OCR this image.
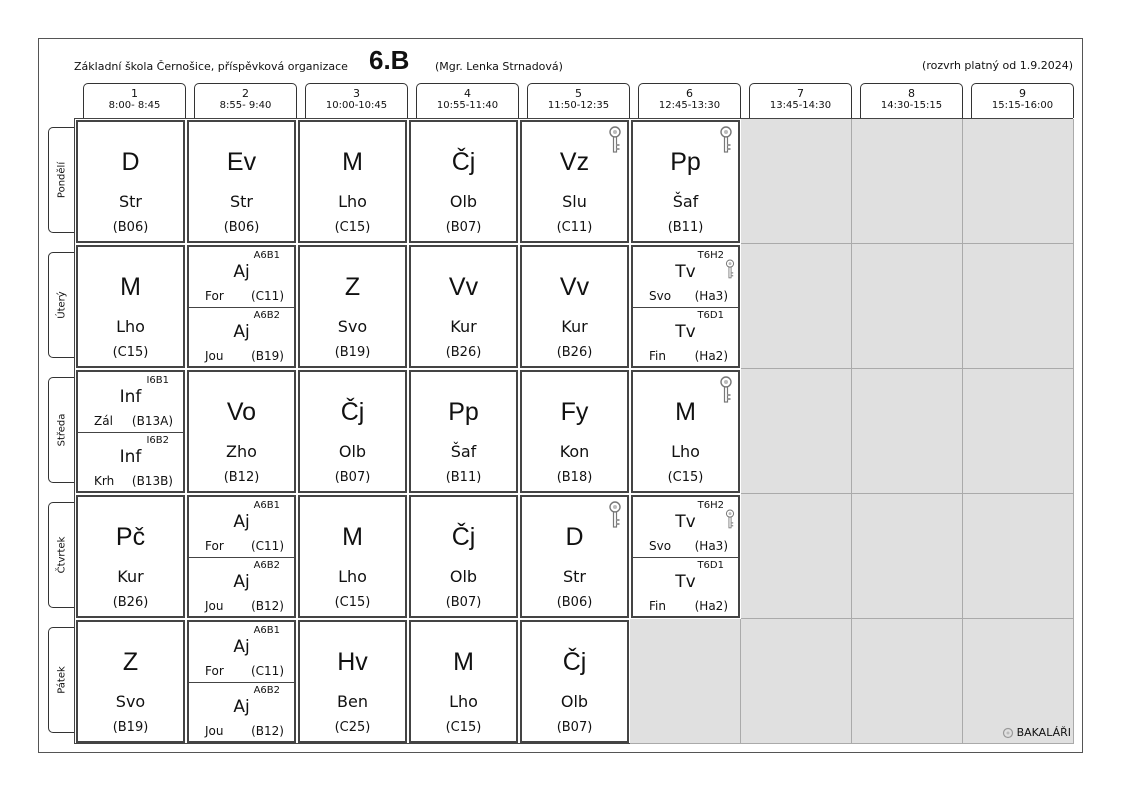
Základní škola Černošice, příspěvková organizace 6.B (Mgr. Lenka Strnadová)	(rozvrh platný od 1.9.2024)
1
8:00- 8:45
2
8:55- 9:40
3
10:00-10:45
4
10:55-11:40
5
11:50-12:35
6
12:45-13:30
7
13:45-14:30
8
14:30-15:15
9
15:15-16:00
Pondělí
Úterý
Středa
Čtvrtek
Pátek
D
Str
(B06)
Ev
Str
(B06)
M
Lho
(C15)
Čj
Olb
(B07)
Vz
Slu
(C11)
Pp
Šaf
(B11)
M
Lho
(C15)
A6B1
Aj
For (C11)
A6B2
Aj
Jou (B19)
Z
Svo
(B19)
Vv
Kur
(B26)
Vv
Kur
(B26)
T6H2
Tv
Svo (Ha3)
T6D1
Tv
Fin (Ha2)
I6B1
Inf
Zál (B13A)
I6B2
Inf
Krh (B13B)
Vo
Zho
(B12)
Čj
Olb
(B07)
Pp
Šaf
(B11)
Fy
Kon
(B18)
M
Lho
(C15)
Pč
Kur
(B26)
A6B1
Aj
For (C11)
A6B2
Aj
Jou (B12)
M
Lho
(C15)
Čj
Olb
(B07)
D
Str
(B06)
T6H2
Tv
Svo (Ha3)
T6D1
Tv
Fin (Ha2)
Z
Svo
(B19)
A6B1
Aj
For (C11)
A6B2
Aj
Jou (B12)
Hv
Ben
(C25)
M
Lho
(C15)
Čj
Olb
(B07)	BAKALÁŘI
